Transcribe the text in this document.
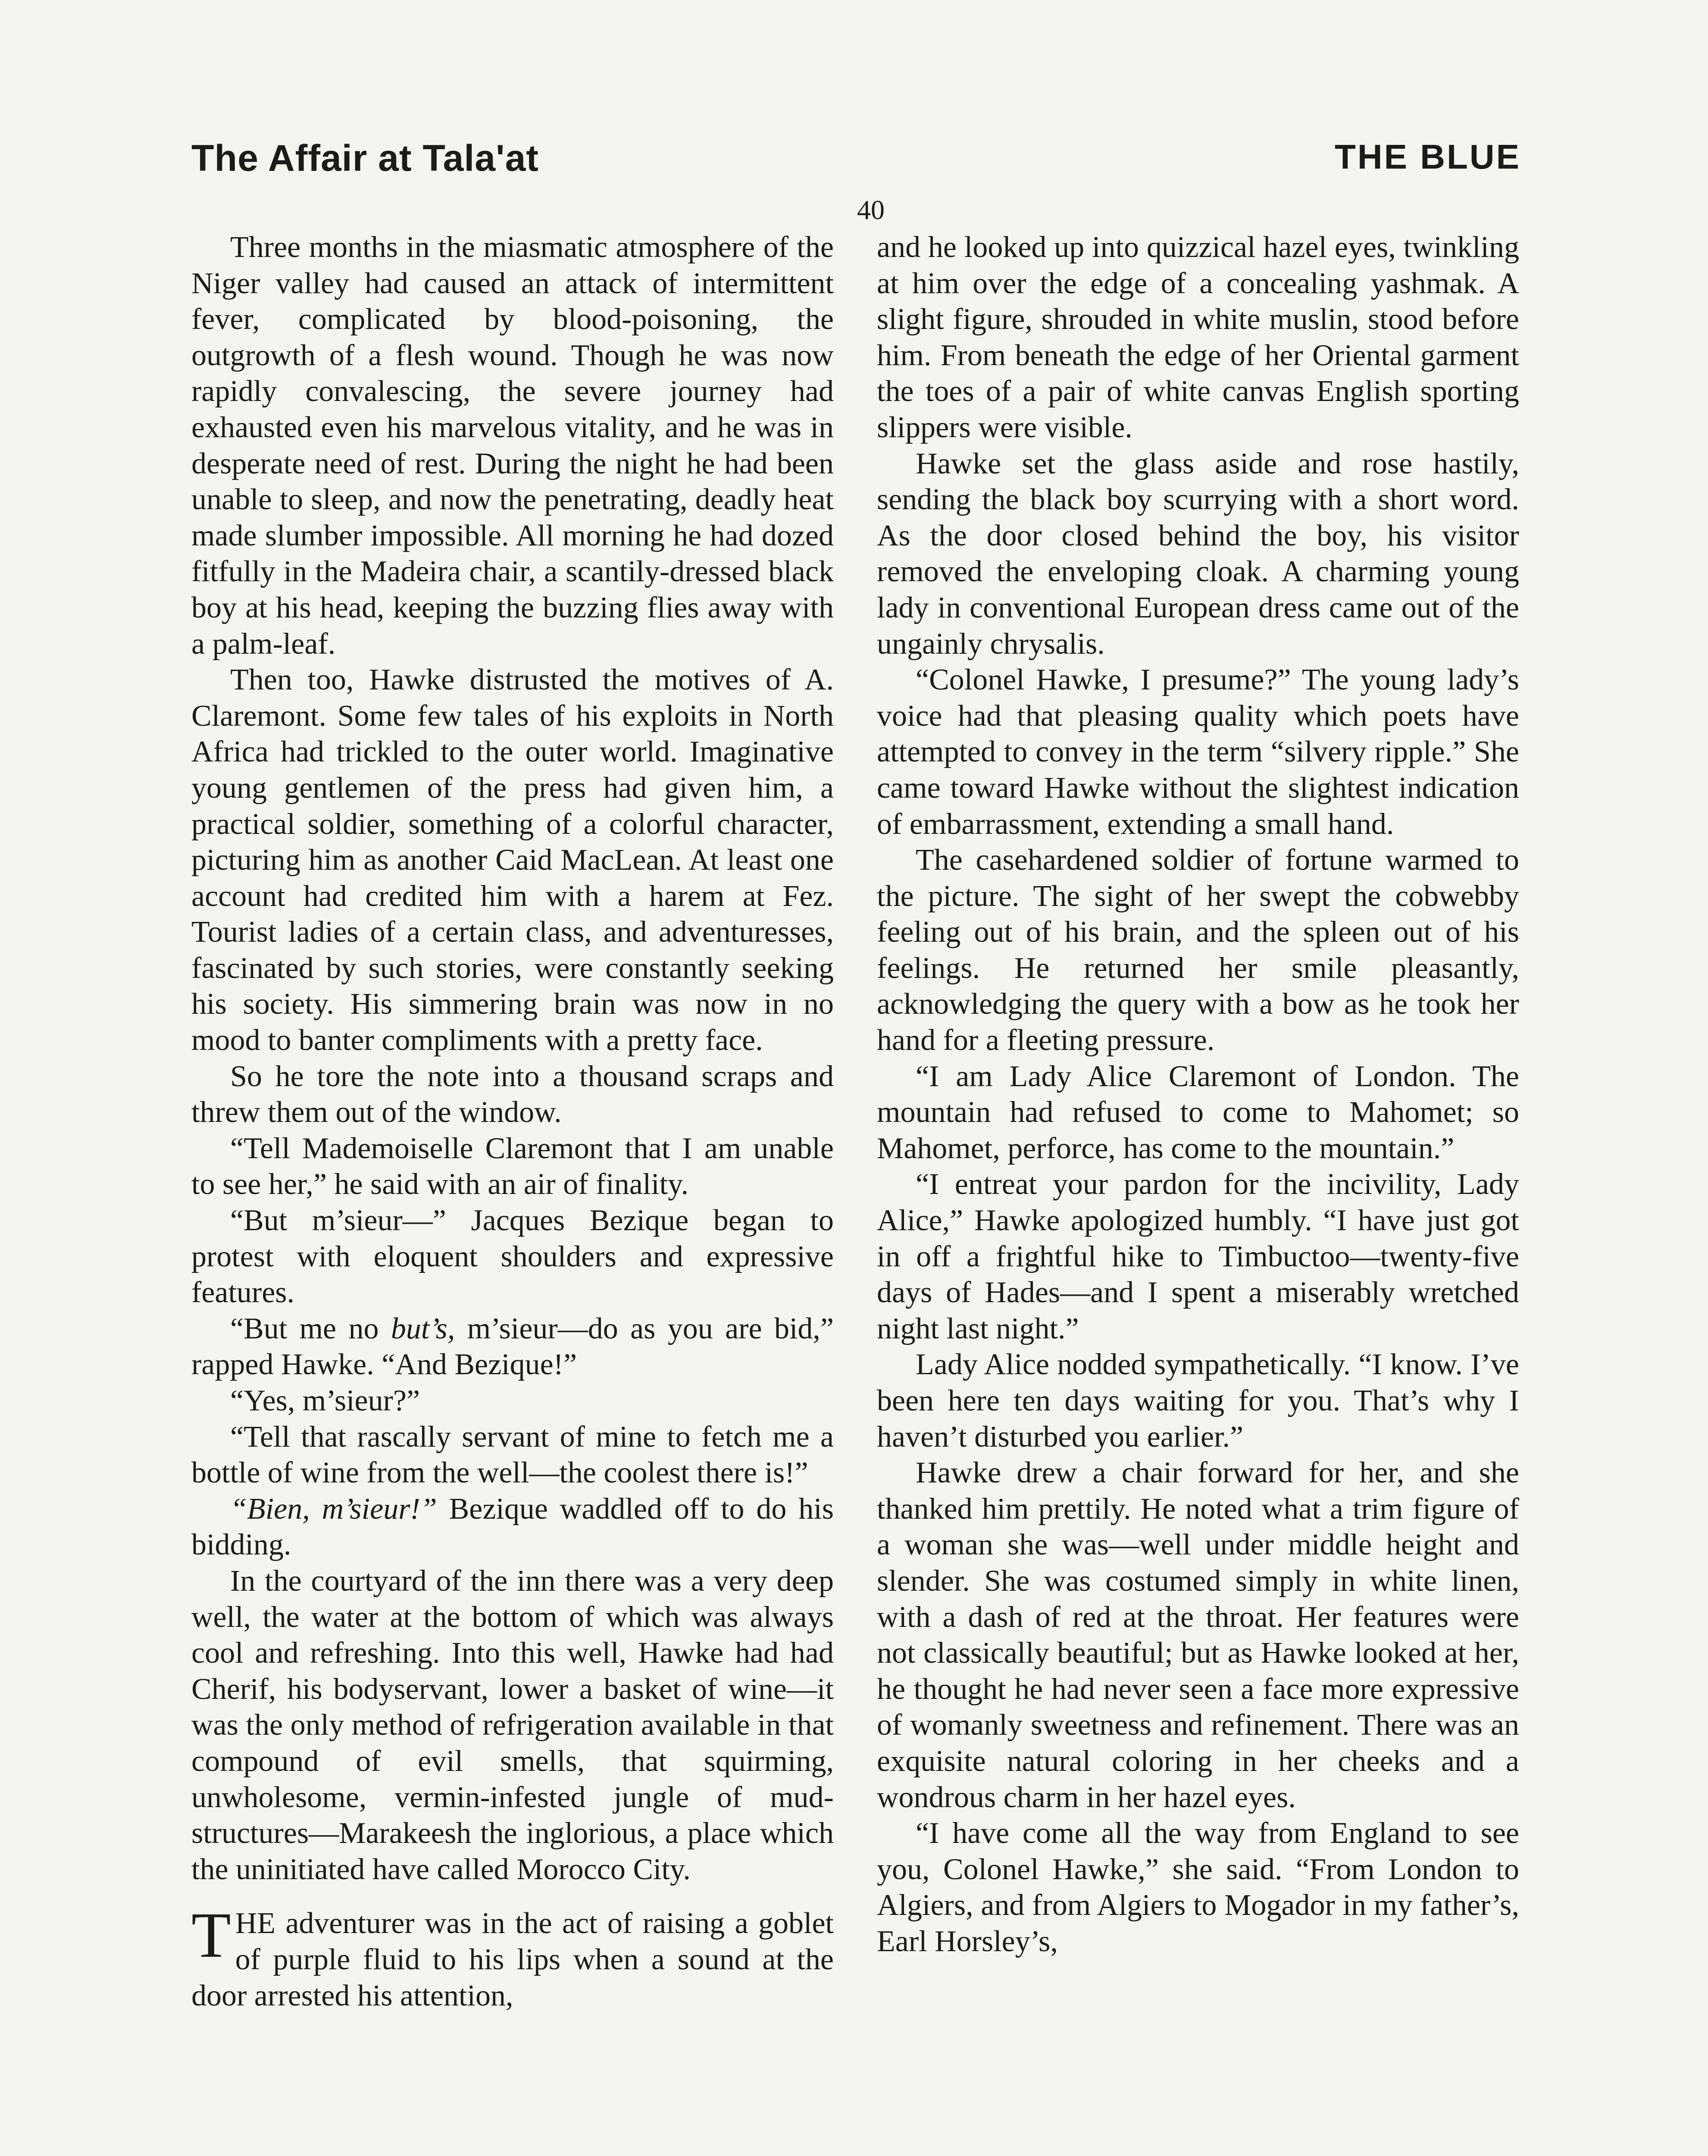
The Affair at Tala'at	THE BLUE
40

Three months in the miasmatic atmosphere of the Niger valley had caused an attack of intermittent fever, complicated by blood-poisoning, the outgrowth of a flesh wound. Though he was now rapidly convalescing, the severe journey had exhausted even his marvelous vitality, and he was in desperate need of rest. During the night he had been unable to sleep, and now the penetrating, deadly heat made slumber impossible. All morning he had dozed fitfully in the Madeira chair, a scantily-dressed black boy at his head, keeping the buzzing flies away with a palm-leaf.

Then too, Hawke distrusted the motives of A. Claremont. Some few tales of his exploits in North Africa had trickled to the outer world. Imaginative young gentlemen of the press had given him, a practical soldier, something of a colorful character, picturing him as another Caid MacLean. At least one account had credited him with a harem at Fez. Tourist ladies of a certain class, and adventuresses, fascinated by such stories, were constantly seeking his society. His simmering brain was now in no mood to banter compliments with a pretty face.

So he tore the note into a thousand scraps and threw them out of the window.

“Tell Mademoiselle Claremont that I am unable to see her,” he said with an air of finality.

“But m’sieur—” Jacques Bezique began to protest with eloquent shoulders and expressive features.

“But me no but’s, m’sieur—do as you are bid,” rapped Hawke. “And Bezique!”

“Yes, m’sieur?”

“Tell that rascally servant of mine to fetch me a bottle of wine from the well—the coolest there is!”

“Bien, m’sieur!” Bezique waddled off to do his bidding.

In the courtyard of the inn there was a very deep well, the water at the bottom of which was always cool and refreshing. Into this well, Hawke had had Cherif, his bodyservant, lower a basket of wine—it was the only method of refrigeration available in that compound of evil smells, that squirming, unwholesome, vermin-infested jungle of mud-structures—Marakeesh the inglorious, a place which the uninitiated have called Morocco City.

THE adventurer was in the act of raising a goblet of purple fluid to his lips when a sound at the door arrested his attention,

and he looked up into quizzical hazel eyes, twinkling at him over the edge of a concealing yashmak. A slight figure, shrouded in white muslin, stood before him. From beneath the edge of her Oriental garment the toes of a pair of white canvas English sporting slippers were visible.

Hawke set the glass aside and rose hastily, sending the black boy scurrying with a short word. As the door closed behind the boy, his visitor removed the enveloping cloak. A charming young lady in conventional European dress came out of the ungainly chrysalis.

“Colonel Hawke, I presume?” The young lady’s voice had that pleasing quality which poets have attempted to convey in the term “silvery ripple.” She came toward Hawke without the slightest indication of embarrassment, extending a small hand.

The casehardened soldier of fortune warmed to the picture. The sight of her swept the cobwebby feeling out of his brain, and the spleen out of his feelings. He returned her smile pleasantly, acknowledging the query with a bow as he took her hand for a fleeting pressure.

“I am Lady Alice Claremont of London. The mountain had refused to come to Mahomet; so Mahomet, perforce, has come to the mountain.”

“I entreat your pardon for the incivility, Lady Alice,” Hawke apologized humbly. “I have just got in off a frightful hike to Timbuctoo—twenty-five days of Hades—and I spent a miserably wretched night last night.”

Lady Alice nodded sympathetically. “I know. I’ve been here ten days waiting for you. That’s why I haven’t disturbed you earlier.”

Hawke drew a chair forward for her, and she thanked him prettily. He noted what a trim figure of a woman she was—well under middle height and slender. She was costumed simply in white linen, with a dash of red at the throat. Her features were not classically beautiful; but as Hawke looked at her, he thought he had never seen a face more expressive of womanly sweetness and refinement. There was an exquisite natural coloring in her cheeks and a wondrous charm in her hazel eyes.

“I have come all the way from England to see you, Colonel Hawke,” she said. “From London to Algiers, and from Algiers to Mogador in my father’s, Earl Horsley’s,
